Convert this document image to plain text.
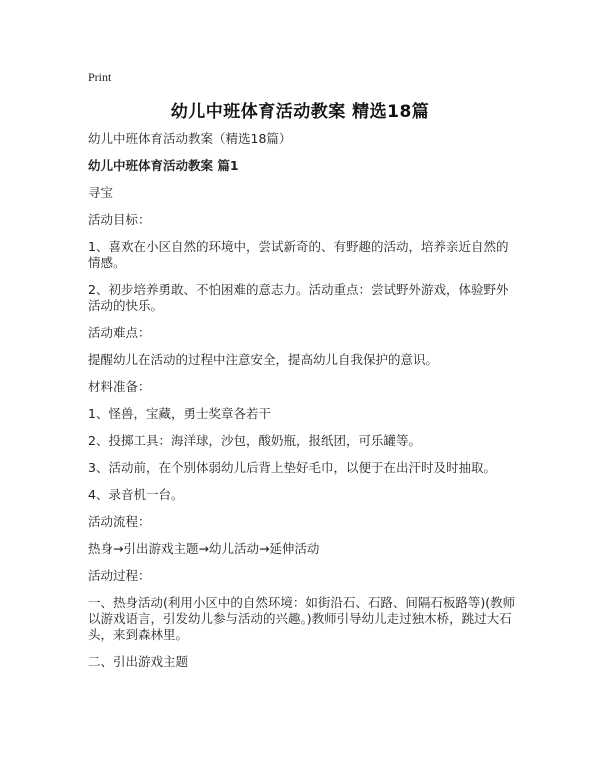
Print
幼儿中班体育活动教案 精选18篇

幼儿中班体育活动教案（精选18篇）

幼儿中班体育活动教案 篇1

寻宝

活动目标：

1、喜欢在小区自然的环境中，尝试新奇的、有野趣的活动，培养亲近自然的情感。

2、初步培养勇敢、不怕困难的意志力。活动重点：尝试野外游戏，体验野外活动的快乐。

活动难点：

提醒幼儿在活动的过程中注意安全，提高幼儿自我保护的意识。

材料准备：

1、怪兽，宝藏，勇士奖章各若干

2、投掷工具：海洋球，沙包，酸奶瓶，报纸团，可乐罐等。

3、活动前，在个别体弱幼儿后背上垫好毛巾，以便于在出汗时及时抽取。

4、录音机一台。

活动流程：

热身→引出游戏主题→幼儿活动→延伸活动

活动过程：

一、热身活动(利用小区中的自然环境：如街沿石、石路、间隔石板路等)(教师以游戏语言，引发幼儿参与活动的兴趣。)教师引导幼儿走过独木桥，跳过大石头，来到森林里。

二、引出游戏主题
